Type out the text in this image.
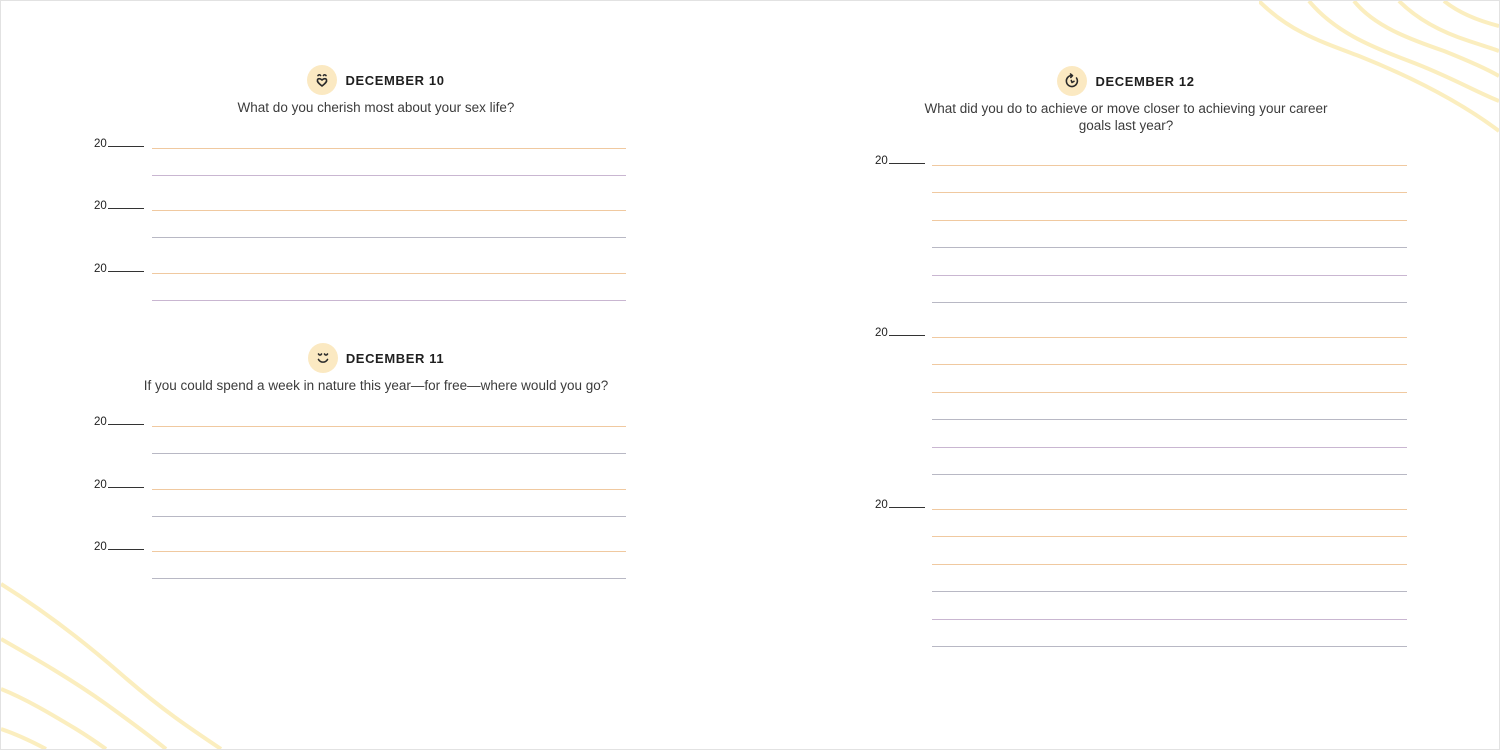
DECEMBER 10
What do you cherish most about your sex life?
20
20
20
DECEMBER 11
If you could spend a week in nature this year—for free—where would you go?
20
20
20
DECEMBER 12
What did you do to achieve or move closer to achieving your career goals last year?
20
20
20
